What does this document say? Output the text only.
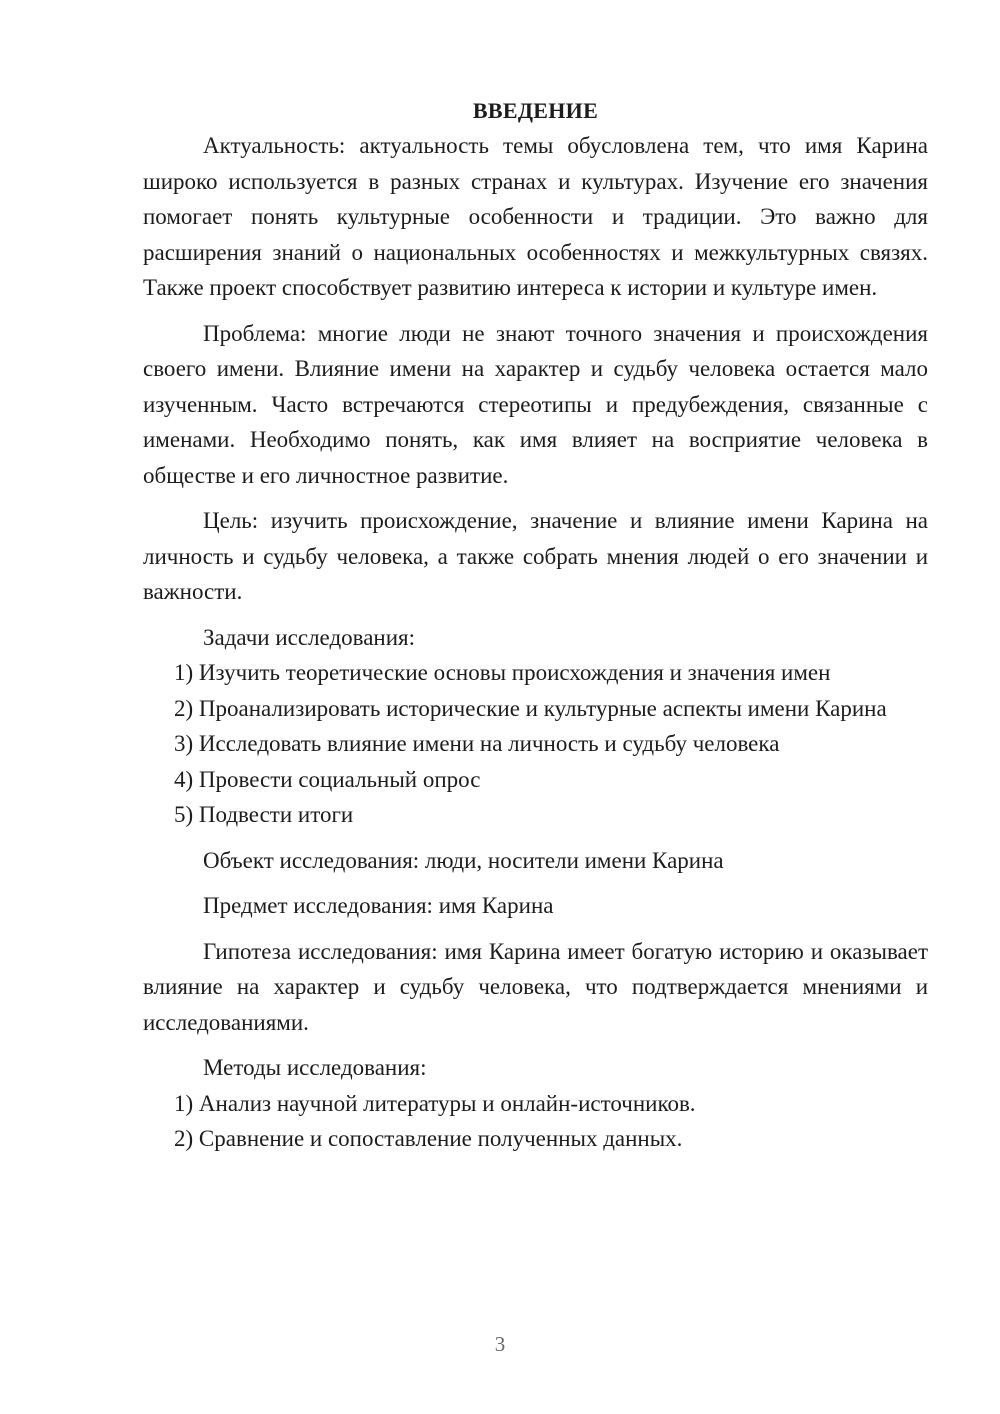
ВВЕДЕНИЕ

Актуальность: актуальность темы обусловлена тем, что имя Карина широко используется в разных странах и культурах. Изучение его значения помогает понять культурные особенности и традиции. Это важно для расширения знаний о национальных особенностях и межкультурных связях. Также проект способствует развитию интереса к истории и культуре имен.

Проблема: многие люди не знают точного значения и происхождения своего имени. Влияние имени на характер и судьбу человека остается мало изученным. Часто встречаются стереотипы и предубеждения, связанные с именами. Необходимо понять, как имя влияет на восприятие человека в обществе и его личностное развитие.

Цель: изучить происхождение, значение и влияние имени Карина на личность и судьбу человека, а также собрать мнения людей о его значении и важности.

Задачи исследования:

1) Изучить теоретические основы происхождения и значения имен

2) Проанализировать исторические и культурные аспекты имени Карина

3) Исследовать влияние имени на личность и судьбу человека

4) Провести социальный опрос

5) Подвести итоги

Объект исследования: люди, носители имени Карина

Предмет исследования: имя Карина

Гипотеза исследования: имя Карина имеет богатую историю и оказывает влияние на характер и судьбу человека, что подтверждается мнениями и исследованиями.

Методы исследования:

1) Анализ научной литературы и онлайн-источников.

2) Сравнение и сопоставление полученных данных.

3
